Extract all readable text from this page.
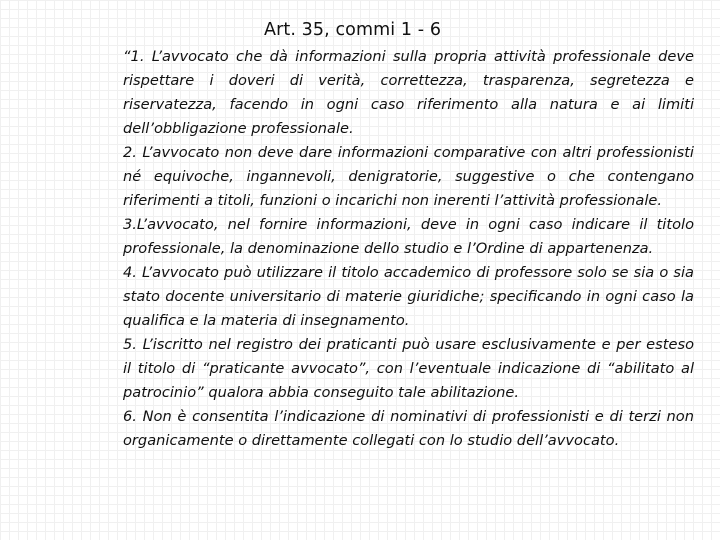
Art. 35, commi 1 - 6

“1. L’avvocato che dà informazioni sulla propria attività professionale deve rispettare i doveri di verità, correttezza, trasparenza, segretezza e riservatezza, facendo in ogni caso riferimento alla natura e ai limiti dell’obbligazione professionale.

2. L’avvocato non deve dare informazioni comparative con altri professionisti né equivoche, ingannevoli, denigratorie, suggestive o che contengano riferimenti a titoli, funzioni o incarichi non inerenti l’attività professionale.

3.L’avvocato, nel fornire informazioni, deve in ogni caso indicare il titolo professionale, la denominazione dello studio e l’Ordine di appartenenza.

4. L’avvocato può utilizzare il titolo accademico di professore solo se sia o sia stato docente universitario di materie giuridiche; specificando in ogni caso la qualifica e la materia di insegnamento.

5. L’iscritto nel registro dei praticanti può usare esclusivamente e per esteso il titolo di “praticante avvocato”, con l’eventuale indicazione di “abilitato al patrocinio” qualora abbia conseguito tale abilitazione.

6. Non è consentita l’indicazione di nominativi di professionisti e di terzi non organicamente o direttamente collegati con lo studio dell’avvocato.
